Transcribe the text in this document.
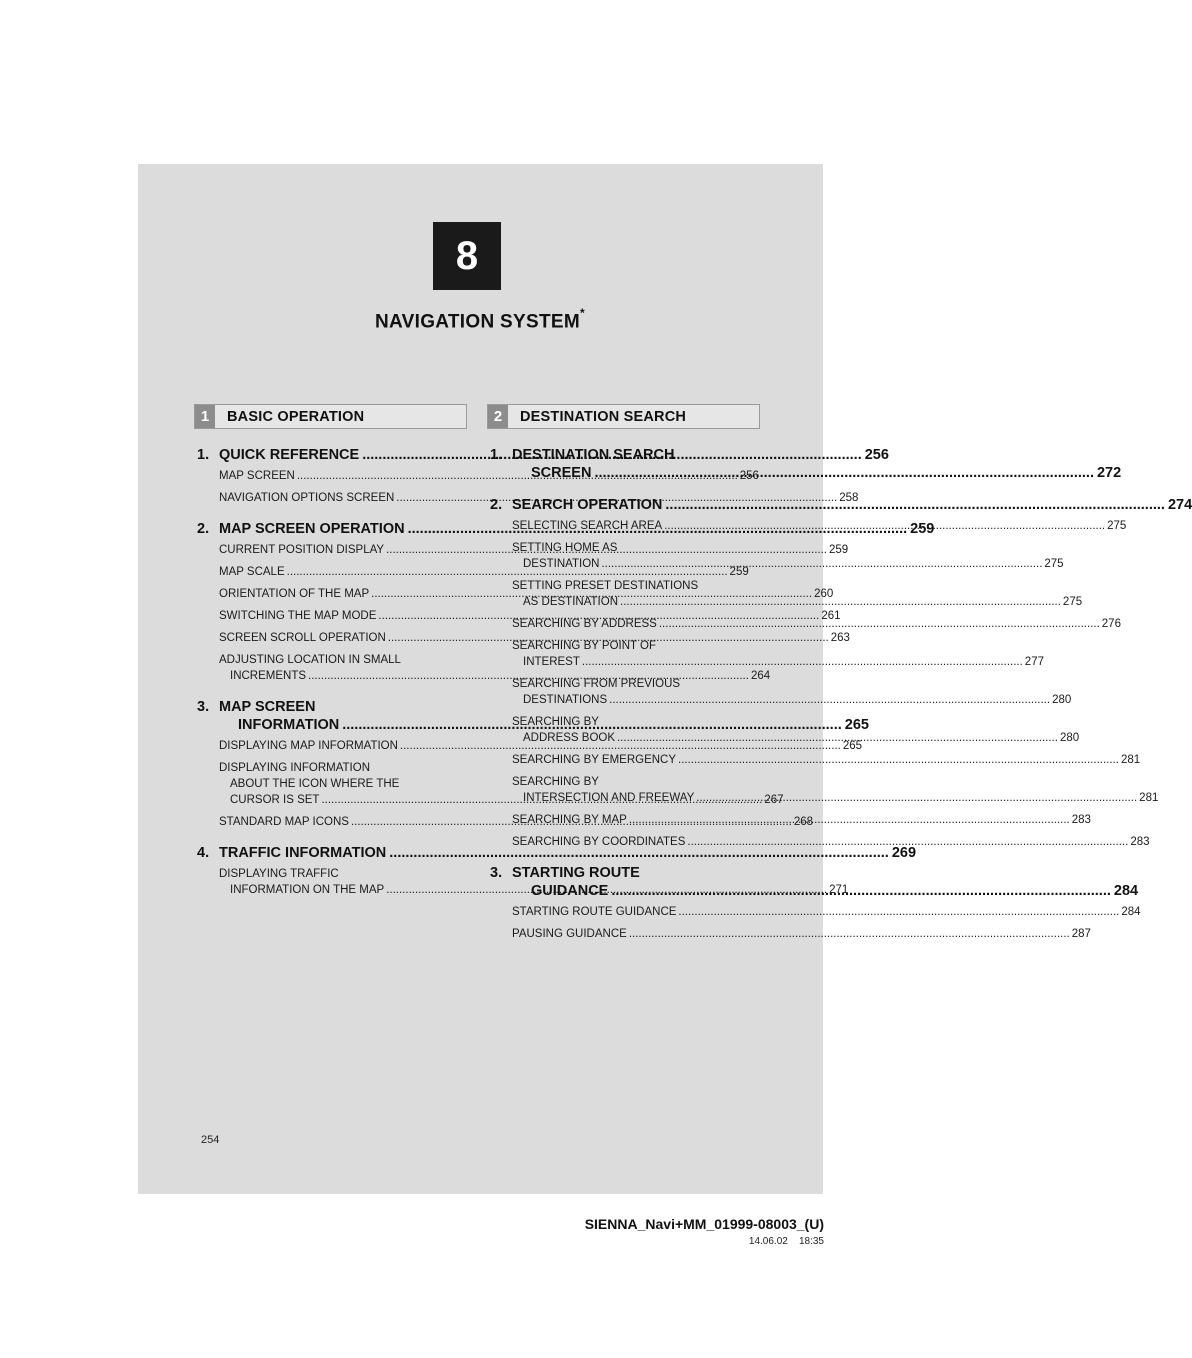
8
NAVIGATION SYSTEM*
1	BASIC OPERATION	2	DESTINATION SEARCH
1. QUICK REFERENCE .....	256
MAP SCREEN .....	256
NAVIGATION OPTIONS SCREEN .....	258
2. MAP SCREEN OPERATION .....	259
CURRENT POSITION DISPLAY .....	259
MAP SCALE .....	259
ORIENTATION OF THE MAP .....	260
SWITCHING THE MAP MODE .....	261
SCREEN SCROLL OPERATION .....	263
ADJUSTING LOCATION IN SMALL
INCREMENTS .....	264
3. MAP SCREEN
INFORMATION .....	265
DISPLAYING MAP INFORMATION .....	265
DISPLAYING INFORMATION
ABOUT THE ICON WHERE THE
CURSOR IS SET .....	267
STANDARD MAP ICONS .....	268
4. TRAFFIC INFORMATION .....	269
DISPLAYING TRAFFIC
INFORMATION ON THE MAP .....	271
1. DESTINATION SEARCH
SCREEN .....	272
2. SEARCH OPERATION .....	274
SELECTING SEARCH AREA .....	275
SETTING HOME AS
DESTINATION .....	275
SETTING PRESET DESTINATIONS
AS DESTINATION .....	275
SEARCHING BY ADDRESS .....	276
SEARCHING BY POINT OF
INTEREST .....	277
SEARCHING FROM PREVIOUS
DESTINATIONS .....	280
SEARCHING BY
ADDRESS BOOK .....	280
SEARCHING BY EMERGENCY .....	281
SEARCHING BY
INTERSECTION AND FREEWAY .....	281
SEARCHING BY MAP .....	283
SEARCHING BY COORDINATES .....	283
3. STARTING ROUTE
GUIDANCE .....	284
STARTING ROUTE GUIDANCE .....	284
PAUSING GUIDANCE .....	287
254
SIENNA_Navi+MM_01999-08003_(U)
14.06.02 18:35
